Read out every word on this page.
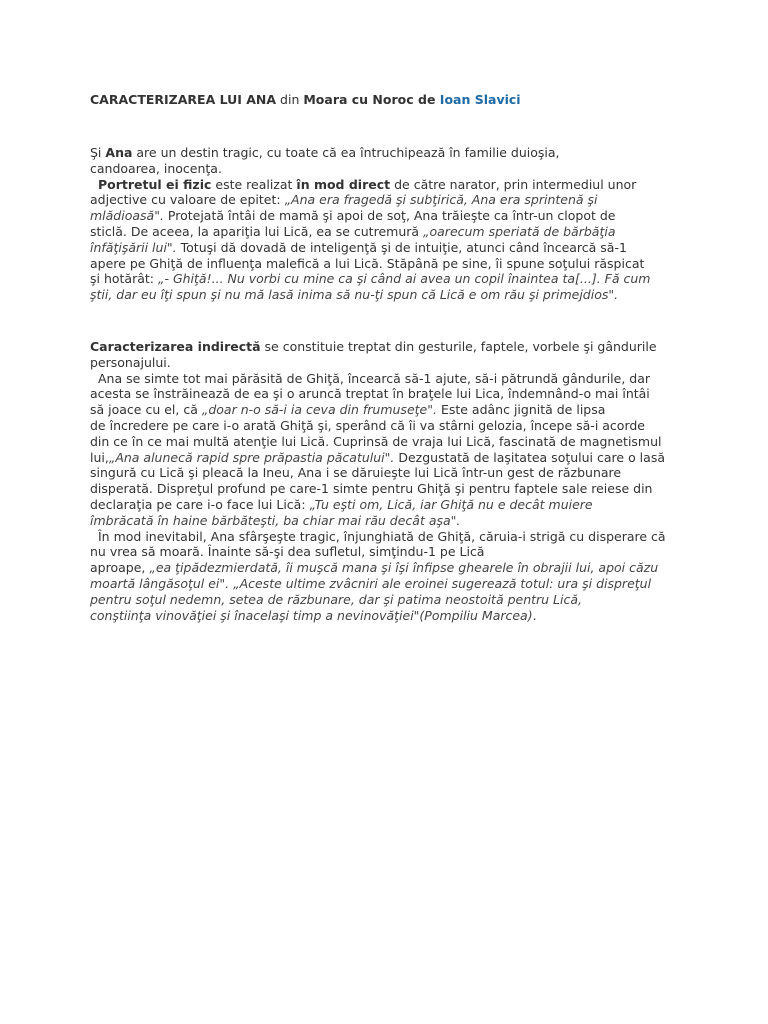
CARACTERIZAREA LUI ANA din Moara cu Noroc de Ioan Slavici

Şi Ana are un destin tragic, cu toate că ea întruchipează în familie duioşia,
candoarea, inocenţa.
Portretul ei fizic este realizat în mod direct de către narator, prin intermediul unor
adjective cu valoare de epitet: „Ana era fragedă şi subţirică, Ana era sprintenă şi
mlădioasă". Protejată întâi de mamă şi apoi de soţ, Ana trăieşte ca într-un clopot de
sticlă. De aceea, la apariţia lui Lică, ea se cutremură „oarecum speriată de bărbăţia
înfăţişării lui". Totuşi dă dovadă de inteligenţă şi de intuiţie, atunci când încearcă să-1
apere pe Ghiţă de influenţa malefică a lui Lică. Stăpână pe sine, îi spune soţului răspicat
şi hotărât: „- Ghiţă!... Nu vorbi cu mine ca şi când ai avea un copil înaintea ta[...]. Fă cum
ştii, dar eu îţi spun şi nu mă lasă inima să nu-ţi spun că Lică e om rău şi primejdios".

Caracterizarea indirectă se constituie treptat din gesturile, faptele, vorbele şi gândurile
personajului.
Ana se simte tot mai părăsită de Ghiţă, încearcă să-1 ajute, să-i pătrundă gândurile, dar
acesta se înstrăinează de ea şi o aruncă treptat în braţele lui Lica, îndemnând-o mai întâi
să joace cu el, că „doar n-o să-i ia ceva din frumuseţe". Este adânc jignită de lipsa
de încredere pe care i-o arată Ghiţă şi, sperând că îi va stârni gelozia, începe să-i acorde
din ce în ce mai multă atenţie lui Lică. Cuprinsă de vraja lui Lică, fascinată de magnetismul
lui,„Ana alunecă rapid spre prăpastia păcatului". Dezgustată de laşitatea soţului care o lasă
singură cu Lică şi pleacă la Ineu, Ana i se dăruieşte lui Lică într-un gest de răzbunare
disperată. Dispreţul profund pe care-1 simte pentru Ghiţă şi pentru faptele sale reiese din
declaraţia pe care i-o face lui Lică: „Tu eşti om, Lică, iar Ghiţă nu e decât muiere
îmbrăcată în haine bărbăteşti, ba chiar mai rău decât aşa".
În mod inevitabil, Ana sfârşeşte tragic, înjunghiată de Ghiţă, căruia-i strigă cu disperare că
nu vrea să moară. Înainte să-şi dea sufletul, simţindu-1 pe Lică
aproape, „ea ţipădezmierdată, îi muşcă mana şi îşi înfipse ghearele în obrajii lui, apoi căzu
moartă lângăsoţul ei". „Aceste ultime zvâcniri ale eroinei sugerează totul: ura şi dispreţul
pentru soţul nedemn, setea de răzbunare, dar şi patima neostoită pentru Lică,
conştiinţa vinovăţiei şi înacelaşi timp a nevinovăţiei"(Pompiliu Marcea).
